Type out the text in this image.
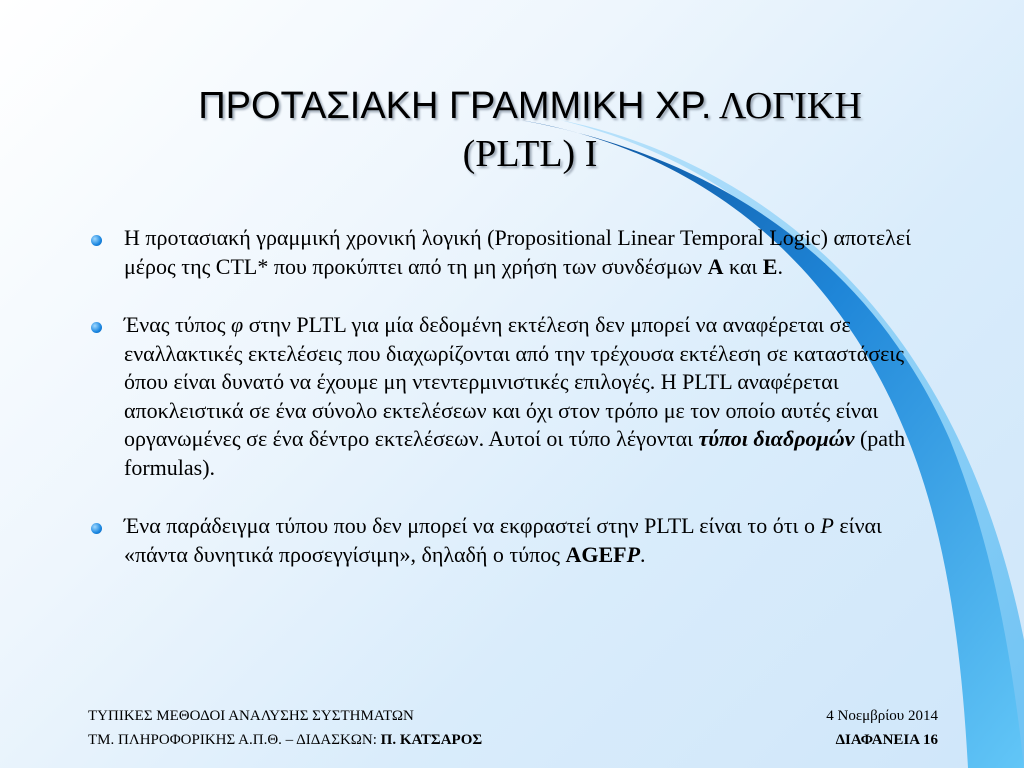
ΠΡΟΤΑΣΙΑΚΗ ΓΡΑΜΜΙΚΗ ΧΡ. ΛΟΓΙΚΗ
(PLTL) I
Η προτασιακή γραμμική χρονική λογική (Propositional Linear Temporal Logic) αποτελεί μέρος της CTL* που προκύπτει από τη μη χρήση των συνδέσμων A και E.
Ένας τύπος φ στην PLTL για μία δεδομένη εκτέλεση δεν μπορεί να αναφέρεται σε εναλλακτικές εκτελέσεις που διαχωρίζονται από την τρέχουσα εκτέλεση σε καταστάσεις όπου είναι δυνατό να έχουμε μη ντεντερμινιστικές επιλογές. Η PLTL αναφέρεται αποκλειστικά σε ένα σύνολο εκτελέσεων και όχι στον τρόπο με τον οποίο αυτές είναι οργανωμένες σε ένα δέντρο εκτελέσεων. Αυτοί οι τύπο λέγονται τύποι διαδρομών (path formulas).
Ένα παράδειγμα τύπου που δεν μπορεί να εκφραστεί στην PLTL είναι το ότι ο P είναι «πάντα δυνητικά προσεγγίσιμη», δηλαδή ο τύπος AGEFP.
ΤΥΠΙΚΕΣ ΜΕΘΟΔΟΙ ΑΝΑΛΥΣΗΣ ΣΥΣΤΗΜΑΤΩΝ	4 Νοεμβρίου 2014
ΤΜ. ΠΛΗΡΟΦΟΡΙΚΗΣ Α.Π.Θ. – ΔΙΔΑΣΚΩΝ: Π. ΚΑΤΣΑΡΟΣ	ΔΙΑΦΑΝΕΙΑ 16
